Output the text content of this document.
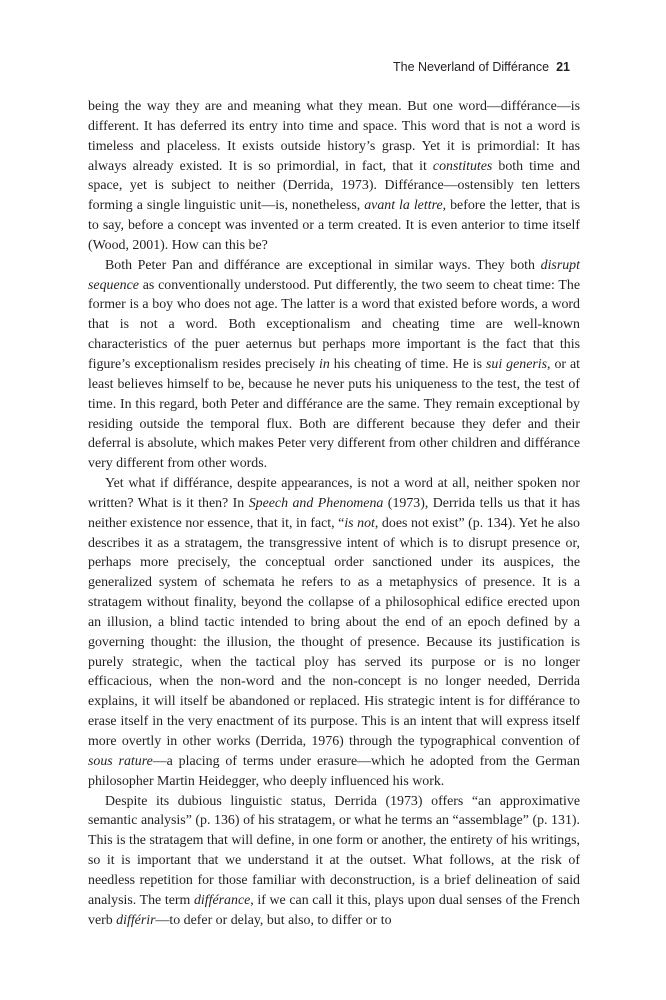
The Neverland of Différance 21

being the way they are and meaning what they mean. But one word—différance—is different. It has deferred its entry into time and space. This word that is not a word is timeless and placeless. It exists outside history’s grasp. Yet it is primordial: It has always already existed. It is so primordial, in fact, that it constitutes both time and space, yet is subject to neither (Derrida, 1973). Différance—ostensibly ten letters forming a single linguistic unit—is, nonetheless, avant la lettre, before the letter, that is to say, before a concept was invented or a term created. It is even anterior to time itself (Wood, 2001). How can this be?

Both Peter Pan and différance are exceptional in similar ways. They both disrupt sequence as conventionally understood. Put differently, the two seem to cheat time: The former is a boy who does not age. The latter is a word that existed before words, a word that is not a word. Both exceptionalism and cheating time are well-known characteristics of the puer aeternus but perhaps more important is the fact that this figure’s exceptionalism resides precisely in his cheating of time. He is sui generis, or at least believes himself to be, because he never puts his uniqueness to the test, the test of time. In this regard, both Peter and différance are the same. They remain exceptional by residing outside the temporal flux. Both are different because they defer and their deferral is absolute, which makes Peter very different from other children and différance very different from other words.

Yet what if différance, despite appearances, is not a word at all, neither spoken nor written? What is it then? In Speech and Phenomena (1973), Derrida tells us that it has neither existence nor essence, that it, in fact, “is not, does not exist” (p. 134). Yet he also describes it as a stratagem, the transgressive intent of which is to disrupt presence or, perhaps more precisely, the conceptual order sanctioned under its auspices, the generalized system of schemata he refers to as a metaphysics of presence. It is a stratagem without finality, beyond the collapse of a philosophical edifice erected upon an illusion, a blind tactic intended to bring about the end of an epoch defined by a governing thought: the illusion, the thought of presence. Because its justification is purely strategic, when the tactical ploy has served its purpose or is no longer efficacious, when the non-word and the non-concept is no longer needed, Derrida explains, it will itself be abandoned or replaced. His strategic intent is for différance to erase itself in the very enactment of its purpose. This is an intent that will express itself more overtly in other works (Derrida, 1976) through the typographical convention of sous rature—a placing of terms under erasure—which he adopted from the German philosopher Martin Heidegger, who deeply influenced his work.

Despite its dubious linguistic status, Derrida (1973) offers “an approximative semantic analysis” (p. 136) of his stratagem, or what he terms an “assemblage” (p. 131). This is the stratagem that will define, in one form or another, the entirety of his writings, so it is important that we understand it at the outset. What follows, at the risk of needless repetition for those familiar with deconstruction, is a brief delineation of said analysis. The term différance, if we can call it this, plays upon dual senses of the French verb différir—to defer or delay, but also, to differ or to
